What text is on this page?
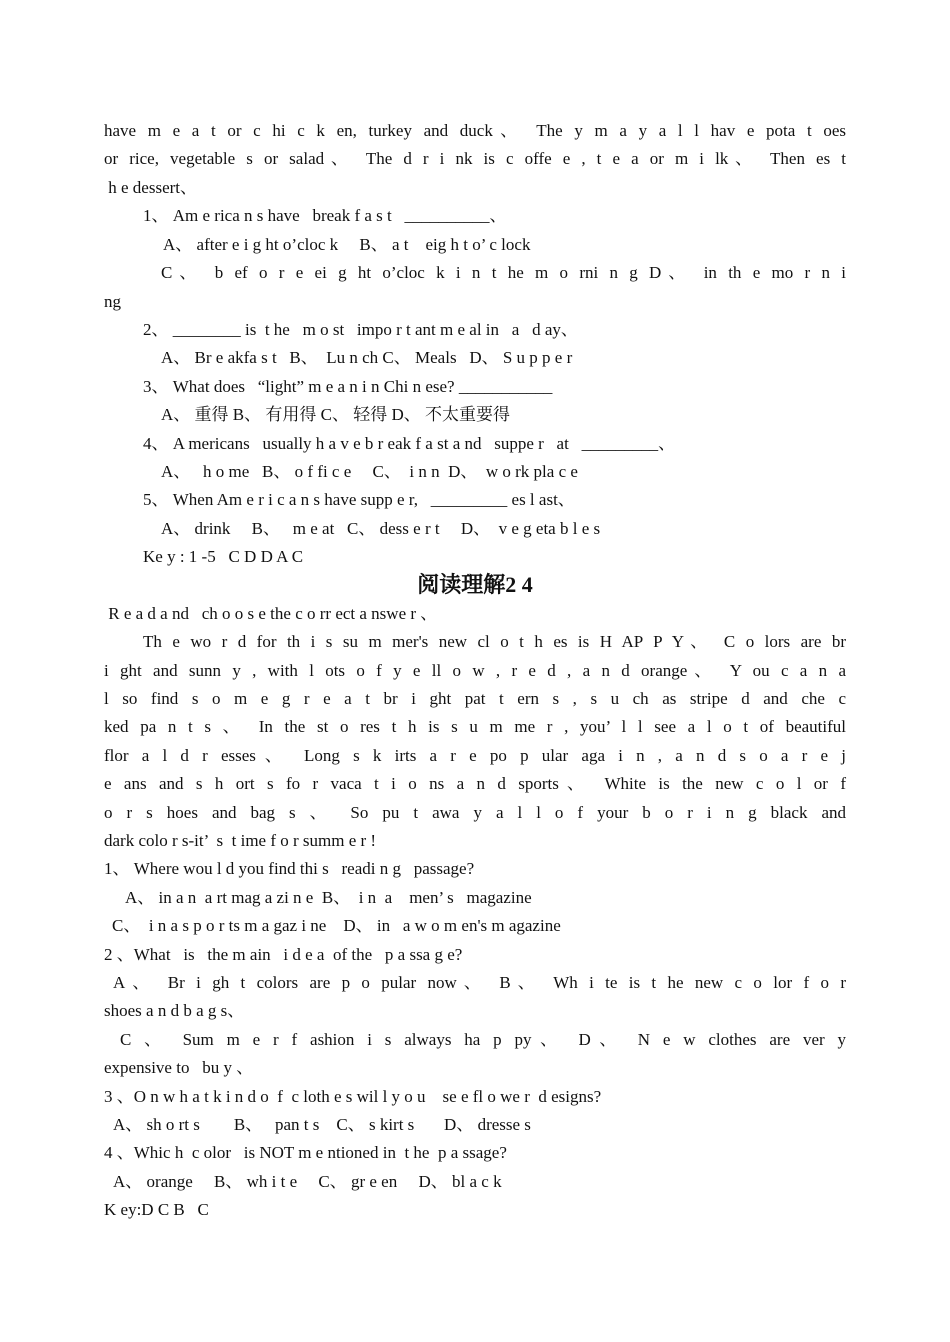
have m e a t or c hi c k en, turkey and duck、 The y m a y a l l hav e pota t oes
or rice, vegetable s or salad、 The d r i nk is c offe e , t e a or m i lk、 Then es t
h e dessert、
1、 Am e rica n s have   break f a s t   __________、
A、 after e i g ht o’cloc k     B、 a t    eig h t o’ c lock
C、 b ef o r e ei g ht o’cloc k i n t he m o rni n g D、 in th e mo r n i
ng
2、 ________ is  t he   m o st   impo r t ant m e al in   a   d ay、
A、 Br e akfa s t   B、  Lu n ch C、 Meals   D、 S u p p e r
3、 What does   “light” m e a n i n Chi n ese? ___________
A、 重得 B、 有用得 C、 轻得 D、 不太重要得
4、 A mericans   usually h a v e b r eak f a st a nd   suppe r   at   _________、
A、   h o me   B、 o f fi c e     C、  i n n  D、  w o rk pla c e
5、 When Am e r i c a n s have supp e r,   _________ es l ast、
A、 drink     B、   m e at   C、 dess e r t     D、  v e g eta b l e s
Ke y : 1 -5   C D D A C
阅读理解2 4
R e a d a nd   ch o o s e the c o rr ect a nswe r 、
Th e wo r d for th i s su m mer's new cl o t h es is H AP P Y、 C o lors are br
i ght and sunn y , with l ots o f y e ll o w , r e d , a n d orange、 Y ou c a n a
l so find s o m e g r e a t br i ght pat t ern s , s u ch as stripe d and che c
ked pa n t s 、 In the st o res t h is s u m me r , you’ l l see a l o t of beautiful
flor a l d r esses、 Long s k irts a r e po p ular aga i n , a n d s o a r e j
e ans and s h ort s fo r vaca t i o ns a n d sports、 White is the new c o l or f
o r s hoes and bag s 、 So pu t awa y a l l o f your b o r i n g black and
dark colo r s-it’  s  t ime f o r summ e r !
1、 Where wou l d you find thi s   readi n g   passage?
A、 in a n  a rt mag a zi n e  B、  i n  a    men’ s   magazine
C、  i n a s p o r ts m a gaz i ne    D、 in   a w o m en's m agazine
2 、What   is   the m ain   i d e a  of the   p a ssa g e?
A、 Br i gh t colors are p o pular now、 B、 Wh i te is t he new c o lor f o r
shoes a n d b a g s、
C 、 Sum m e r f ashion i s always ha p py、 D、 N e w clothes are ver y
expensive to   bu y 、
3 、O n w h a t k i n d o  f  c loth e s wil l y o u    se e fl o we r  d esigns?
A、 sh o rt s        B、   pan t s    C、 s kirt s       D、 dresse s
4 、Whic h  c olor   is NOT m e ntioned in  t he  p a ssage?
A、 orange     B、 wh i t e     C、 gr e en     D、 bl a c k
K ey:D C B   C
